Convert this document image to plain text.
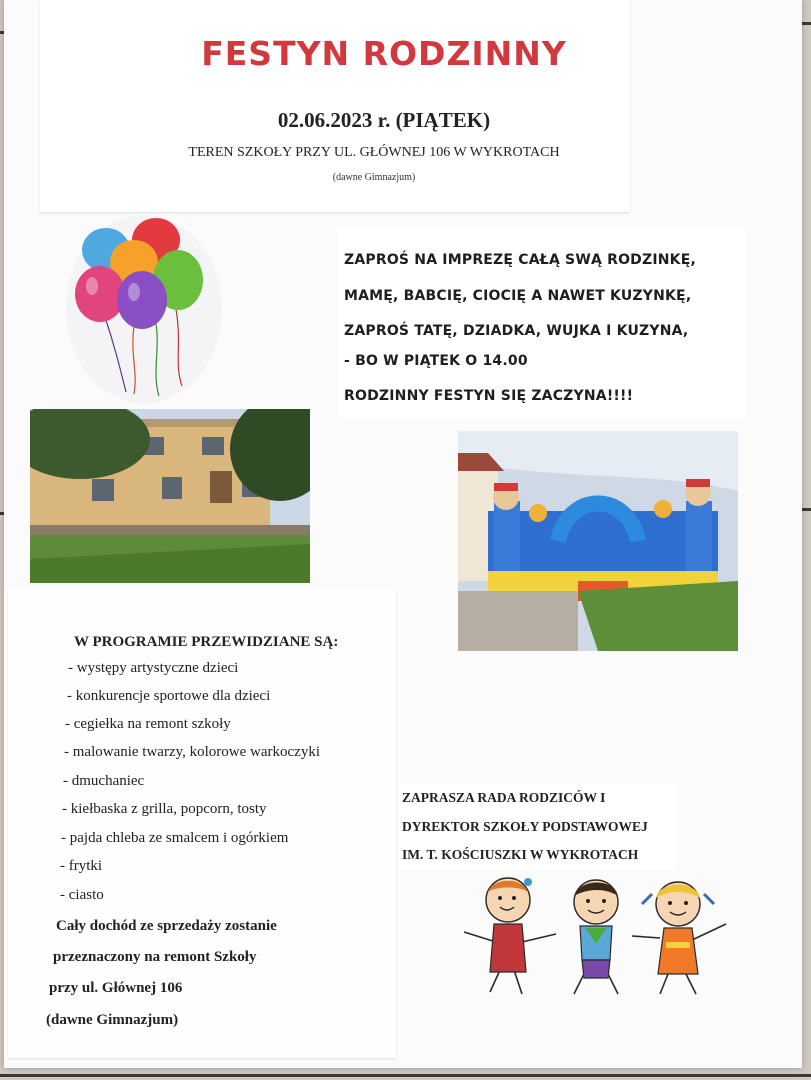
FESTYN RODZINNY
02.06.2023 r. (PIĄTEK)
TEREN SZKOŁY PRZY UL. GŁÓWNEJ 106 W WYKROTACH
(dawne Gimnazjum)

ZAPROŚ NA IMPREZĘ CAŁĄ SWĄ RODZINKĘ,

MAMĘ, BABCIĘ, CIOCIĘ A NAWET KUZYNKĘ,

ZAPROŚ TATĘ, DZIADKA, WUJKA I KUZYNA,

- BO W PIĄTEK O 14.00

RODZINNY FESTYN SIĘ ZACZYNA!!!!

W PROGRAMIE PRZEWIDZIANE SĄ:
- występy artystyczne dzieci
- konkurencje sportowe dla dzieci
- cegiełka na remont szkoły
- malowanie twarzy, kolorowe warkoczyki
- dmuchaniec
- kiełbaska z grilla, popcorn, tosty
- pajda chleba ze smalcem i ogórkiem
- frytki
- ciasto

Cały dochód ze sprzedaży zostanie

przeznaczony na remont Szkoły

przy ul. Głównej 106

(dawne Gimnazjum)

ZAPRASZA RADA RODZICÓW I

DYREKTOR SZKOŁY PODSTAWOWEJ

IM. T. KOŚCIUSZKI W WYKROTACH
